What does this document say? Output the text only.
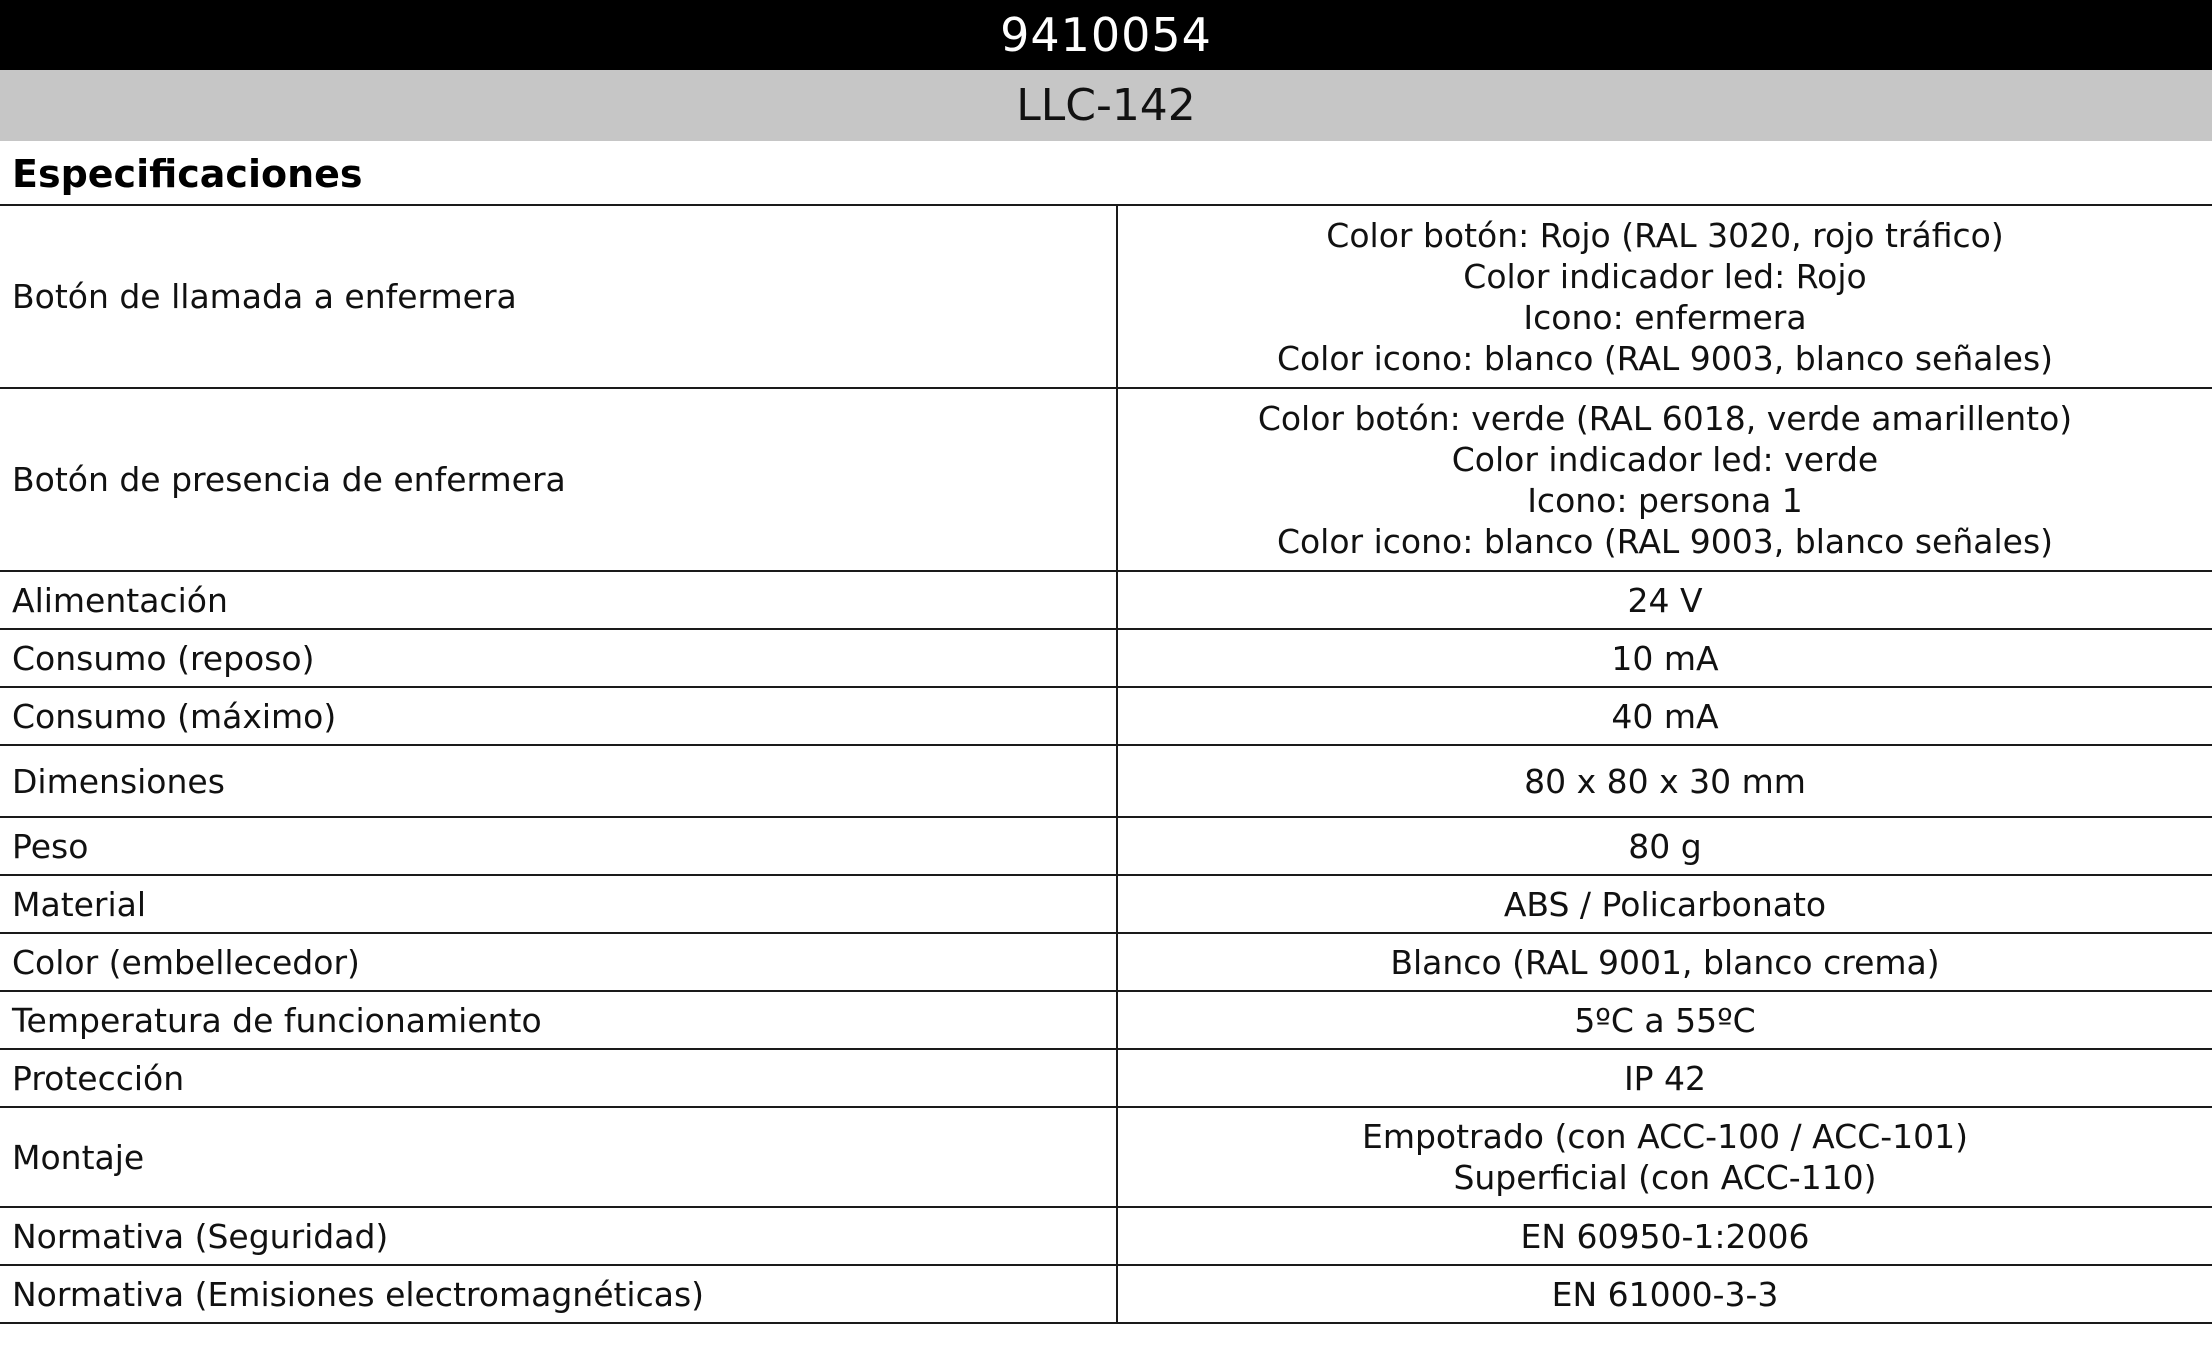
9410054
LLC-142
Especificaciones
Botón de llamada a enfermera	Color botón: Rojo (RAL 3020, rojo tráfico)
Color indicador led: Rojo
Icono: enfermera
Color icono: blanco (RAL 9003, blanco señales)

Botón de presencia de enfermera	Color botón: verde (RAL 6018, verde amarillento)
Color indicador led: verde
Icono: persona 1
Color icono: blanco (RAL 9003, blanco señales)

Alimentación	24 V

Consumo (reposo)	10 mA

Consumo (máximo)	40 mA

Dimensiones	80 x 80 x 30 mm

Peso	80 g

Material	ABS / Policarbonato

Color (embellecedor)	Blanco (RAL 9001, blanco crema)

Temperatura de funcionamiento	5ºC a 55ºC

Protección	IP 42

Montaje	Empotrado (con ACC-100 / ACC-101)
Superficial (con ACC-110)

Normativa (Seguridad)	EN 60950-1:2006

Normativa (Emisiones electromagnéticas)	EN 61000-3-3
